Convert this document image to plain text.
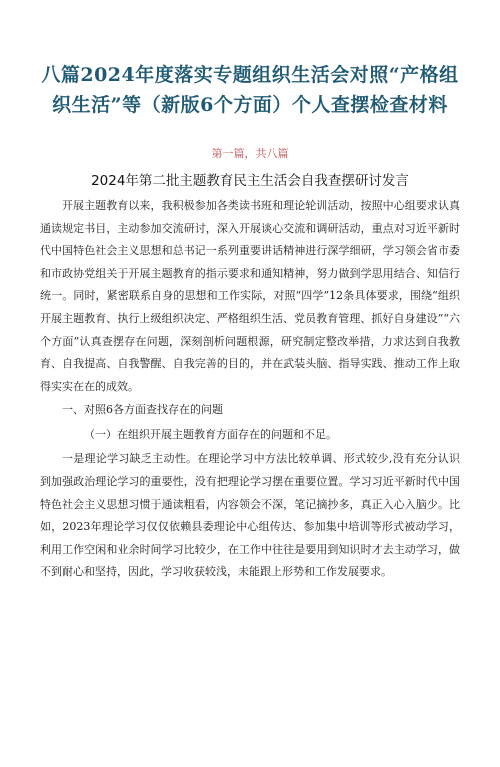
八篇2024年度落实专题组织生活会对照“产格组织生活”等（新版6个方面）个人查摆检查材料
第一篇，共八篇
2024年第二批主题教育民主生活会自我查摆研讨发言

开展主题教育以来，我积极参加各类读书班和理论轮训活动，按照中心组要求认真通读规定书目，主动参加交流研讨，深入开展谈心交流和调研活动，重点对习近平新时代中国特色社会主义思想和总书记一系列重要讲话精神进行深学细研，学习领会省市委和市政协党组关于开展主题教育的指示要求和通知精神，努力做到学思用结合、知信行统一。同时，紧密联系自身的思想和工作实际，对照“四学”12条具体要求，围绕“组织开展主题教育、执行上级组织决定、严格组织生活、党员教育管理、抓好自身建设”“六个方面”认真查摆存在问题，深刻剖析问题根源，研究制定整改举措，力求达到自我教育、自我提高、自我警醒、自我完善的目的，并在武装头脑、指导实践、推动工作上取得实实在在的成效。

一、对照6各方面查找存在的问题

（一）在组织开展主题教育方面存在的问题和不足。

一是理论学习缺乏主动性。在理论学习中方法比较单调、形式较少,没有充分认识到加强政治理论学习的重要性，没有把理论学习摆在重要位置。学习习近平新时代中国特色社会主义思想习惯于通读粗看，内容领会不深，笔记摘抄多，真正入心入脑少。比如，2023年理论学习仅仅依赖县委理论中心组传达、参加集中培训等形式被动学习，利用工作空闲和业余时间学习比较少，在工作中往往是要用到知识时才去主动学习，做不到耐心和坚持，因此，学习收获较浅，未能跟上形势和工作发展要求。
